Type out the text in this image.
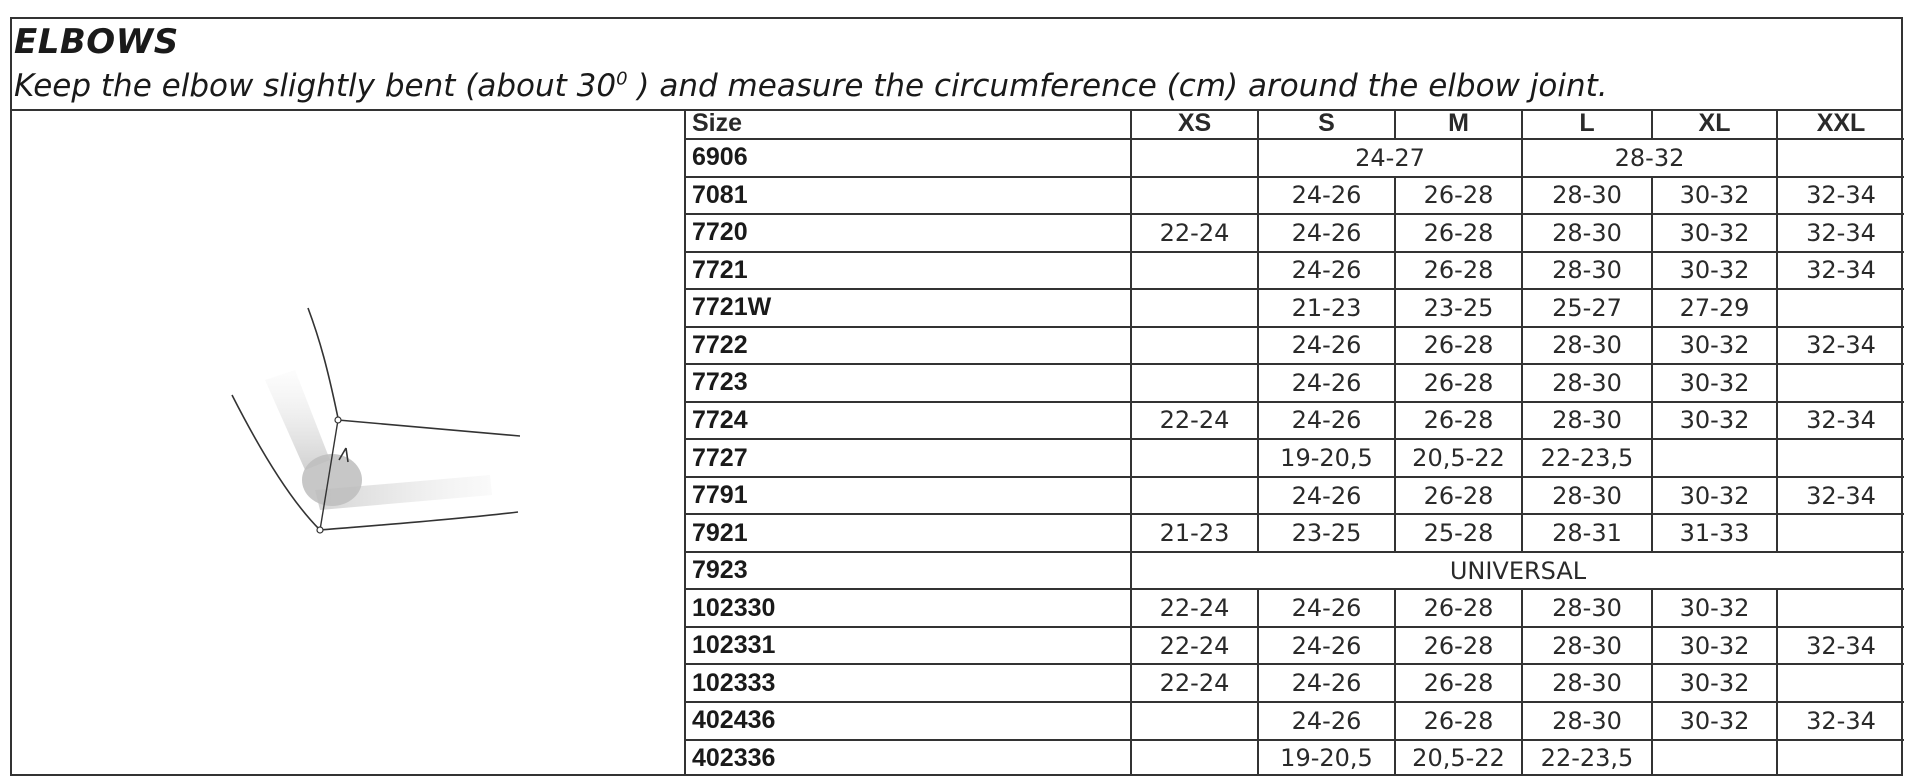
ELBOWS
Keep the elbow slightly bent (about $30^0$ ) and measure the circumference (cm) around the elbow joint.
Size	XS	S	M	L	XL	XXL
6906		24-27		28-32		
7081		24-26	26-28	28-30	30-32	32-34
7720	22-24	24-26	26-28	28-30	30-32	32-34
7721		24-26	26-28	28-30	30-32	32-34
7721W		21-23	23-25	25-27	27-29	
7722		24-26	26-28	28-30	30-32	32-34
7723		24-26	26-28	28-30	30-32	
7724	22-24	24-26	26-28	28-30	30-32	32-34
7727		19-20,5	20,5-22	22-23,5		
7791		24-26	26-28	28-30	30-32	32-34
7921	21-23	23-25	25-28	28-31	31-33	
7923	UNIVERSAL					
102330	22-24	24-26	26-28	28-30	30-32	
102331	22-24	24-26	26-28	28-30	30-32	32-34
102333	22-24	24-26	26-28	28-30	30-32	
402436		24-26	26-28	28-30	30-32	32-34
402336		19-20,5	20,5-22	22-23,5		
